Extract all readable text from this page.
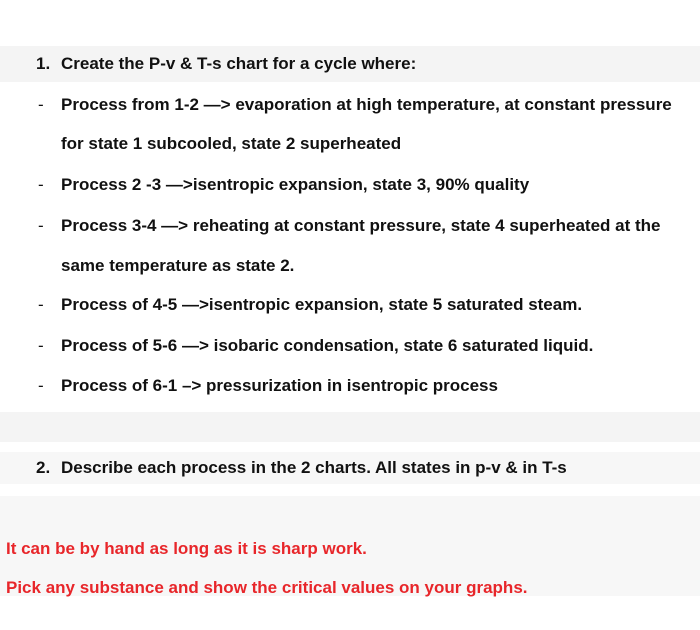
1. Create the P-v & T-s chart for a cycle where:
- Process from 1-2 —> evaporation at high temperature, at constant pressure
for state 1 subcooled, state 2 superheated
- Process 2 -3 —>isentropic expansion, state 3, 90% quality
- Process 3-4 —> reheating at constant pressure, state 4 superheated at the
same temperature as state 2.
- Process of 4-5 —>isentropic expansion, state 5 saturated steam.
- Process of 5-6 —> isobaric condensation, state 6 saturated liquid.
- Process of 6-1 –> pressurization in isentropic process
2. Describe each process in the 2 charts. All states in p-v & in T-s
It can be by hand as long as it is sharp work.
Pick any substance and show the critical values on your graphs.
